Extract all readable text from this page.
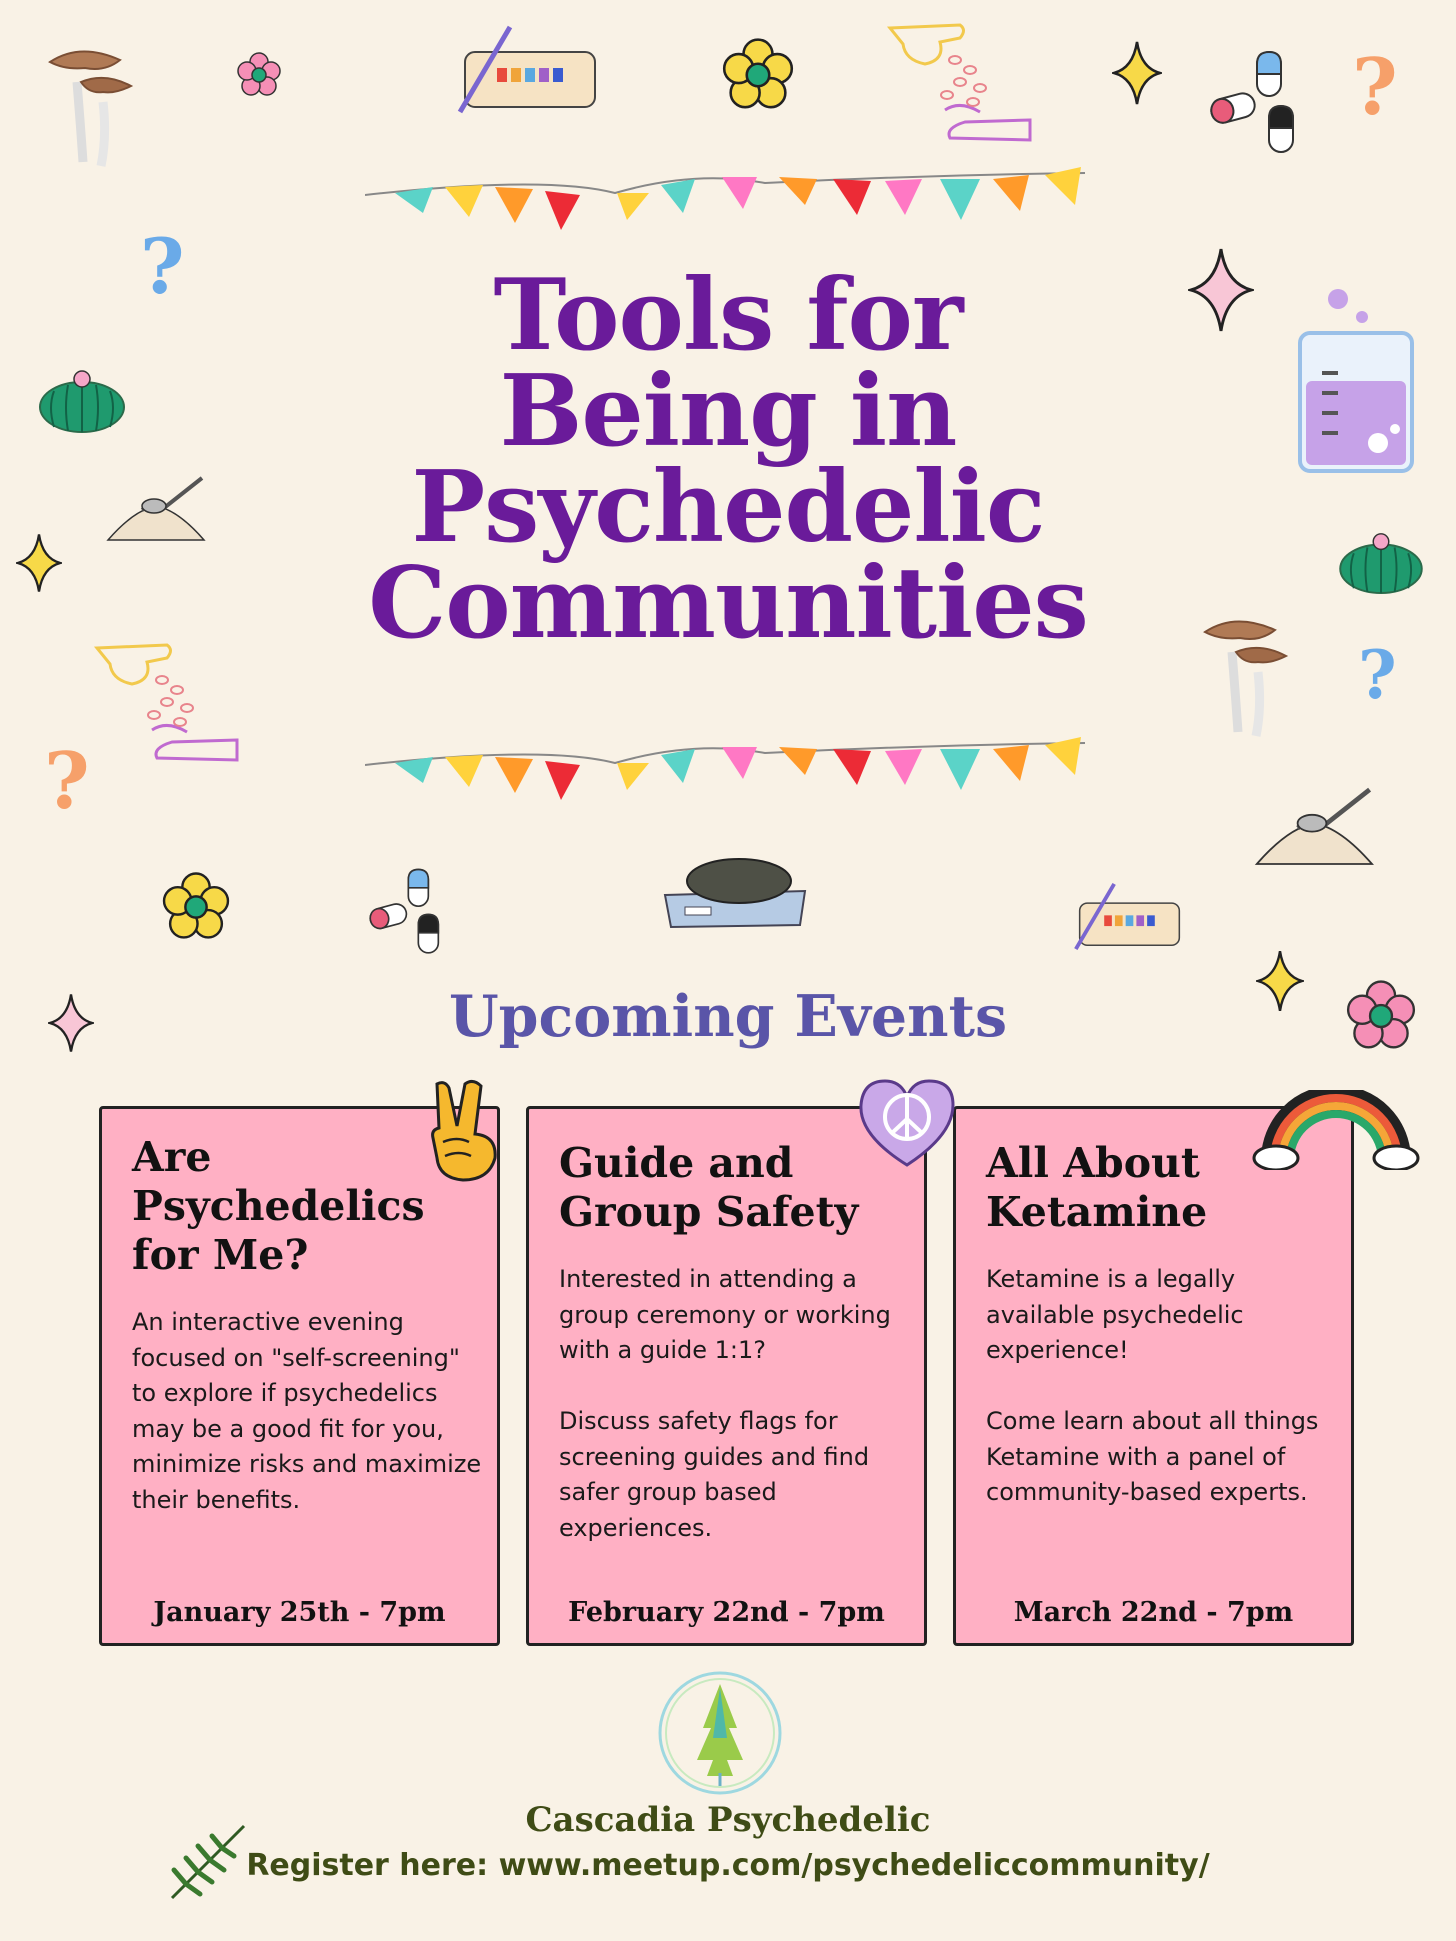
?
?
?
?
Tools for
Being in
Psychedelic
Communities
Upcoming Events
Are Psychedelics for Me?
An interactive evening focused on "self-screening" to explore if psychedelics may be a good fit for you, minimize risks and maximize their benefits.
January 25th - 7pm
Guide and Group Safety
Interested in attending a group ceremony or working with a guide 1:1?

Discuss safety flags for screening guides and find safer group based experiences.
February 22nd - 7pm
All About Ketamine
Ketamine is a legally available psychedelic experience!

Come learn about all things Ketamine with a panel of community-based experts.
March 22nd - 7pm
Cascadia Psychedelic
Register here: www.meetup.com/psychedeliccommunity/
